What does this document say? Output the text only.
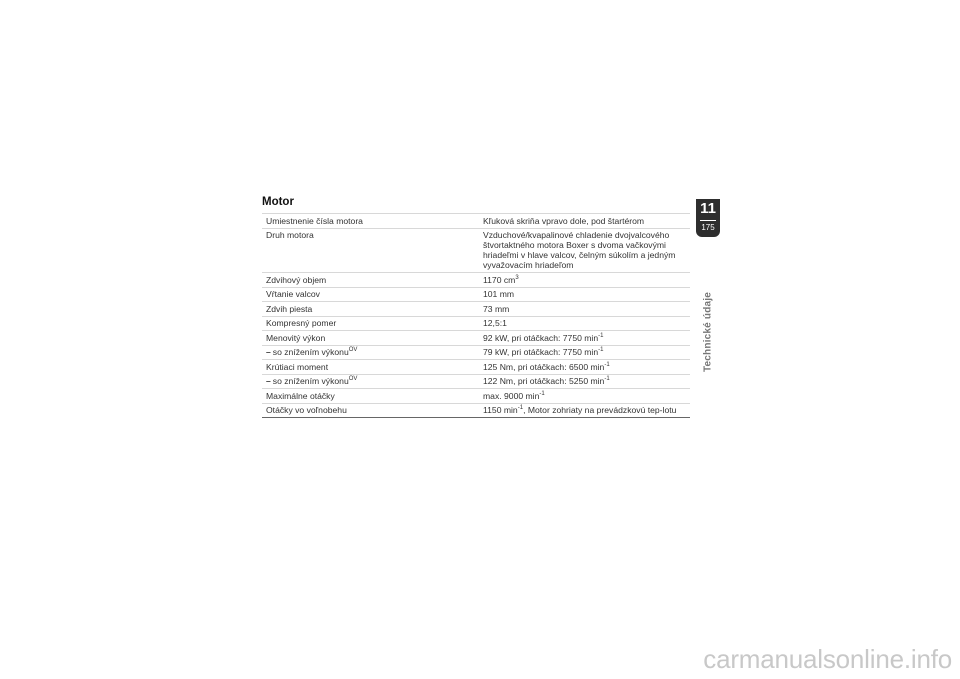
Motor
Umiestnenie čísla motora	Kľuková skriňa vpravo dole, pod štartérom
Druh motora	Vzduchové/kvapalinové chladenie dvojvalcového štvortaktného motora Boxer s dvoma vačkovými hriadeľmi v hlave valcov, čelným súkolím a jedným vyvažovacím hriadeľom
Zdvihový objem	1170 $cm^3$
Vŕtanie valcov	101 mm
Zdvih piesta	73 mm
Kompresný pomer	12,5:1
Menovitý výkon	92 kW, pri otáčkach: 7750 $\min^{-1}$
– so znížením výkonu$^{OV}$	79 kW, pri otáčkach: 7750 $\min^{-1}$
Krútiaci moment	125 Nm, pri otáčkach: 6500 $\min^{-1}$
– so znížením výkonu$^{OV}$	122 Nm, pri otáčkach: 5250 $\min^{-1}$
Maximálne otáčky	max. 9000 $\min^{-1}$
Otáčky vo voľnobehu	1150 $\min^{-1}$, Motor zohriaty na prevádzkovú tep-lotu
11
175
Technické údaje
carmanualsonline.info
